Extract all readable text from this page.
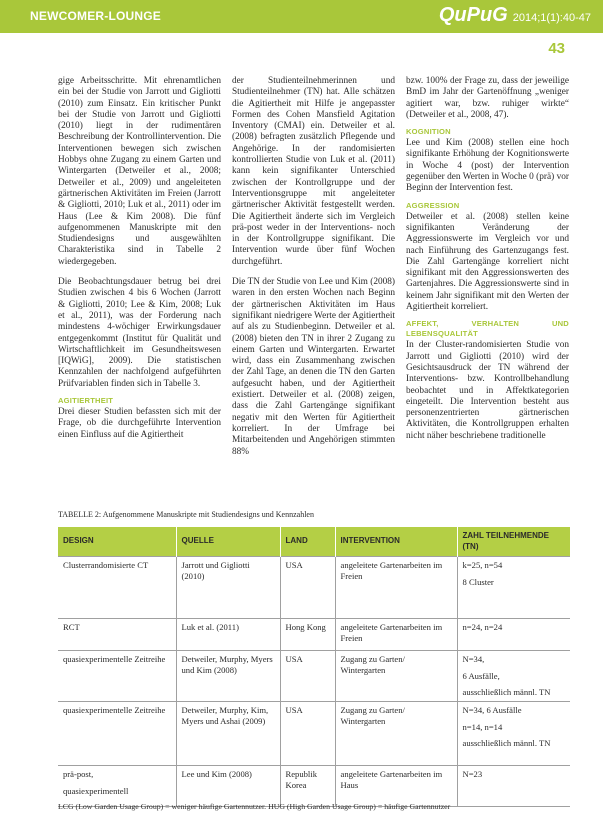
NEWCOMER-LOUNGE	QuPuG 2014;1(1):40-47
43

gige Arbeitsschritte. Mit ehrenamtlichen ein bei der Studie von Jarrott und Gigliotti (2010) zum Einsatz. Ein kritischer Punkt bei der Studie von Jarrott und Gigliotti (2010) liegt in der rudimentären Beschreibung der Kontrollintervention. Die Interventionen bewegen sich zwischen Hobbys ohne Zugang zu einem Garten und Wintergarten (Detweiler et al., 2008; Detweiler et al., 2009) und angeleiteten gärtnerischen Aktivitäten im Freien (Jarrott & Gigliotti, 2010; Luk et al., 2011) oder im Haus (Lee & Kim 2008). Die fünf aufgenommenen Manuskripte mit den Studiendesigns und ausgewählten Charakteristika sind in Tabelle 2 wiedergegeben.

Die Beobachtungsdauer betrug bei drei Studien zwischen 4 bis 6 Wochen (Jarrott & Gigliotti, 2010; Lee & Kim, 2008; Luk et al., 2011), was der Forderung nach mindestens 4-wöchiger Erwirkungsdauer entgegenkommt (Institut für Qualität und Wirtschaftlichkeit im Gesundheitswesen [IQWiG], 2009). Die statistischen Kennzahlen der nachfolgend aufgeführten Prüfvariablen finden sich in Tabelle 3.

AGITIERTHEIT

Drei dieser Studien befassten sich mit der Frage, ob die durchgeführte Intervention einen Einfluss auf die Agitiertheit

der Studienteilnehmerinnen und Studienteilnehmer (TN) hat. Alle schätzen die Agitiertheit mit Hilfe je angepasster Formen des Cohen Mansfield Agitation Inventory (CMAI) ein. Detweiler et al. (2008) befragten zusätzlich Pflegende und Angehörige. In der randomisierten kontrollierten Studie von Luk et al. (2011) kann kein signifikanter Unterschied zwischen der Kontrollgruppe und der Interventionsgruppe mit angeleiteter gärtnerischer Aktivität festgestellt werden. Die Agitiertheit änderte sich im Vergleich prä-post weder in der Interventions- noch in der Kontrollgruppe signifikant. Die Intervention wurde über fünf Wochen durchgeführt.

Die TN der Studie von Lee und Kim (2008) waren in den ersten Wochen nach Beginn der gärtnerischen Aktivitäten im Haus signifikant niedrigere Werte der Agitiertheit auf als zu Studienbeginn. Detweiler et al. (2008) bieten den TN in ihrer 2 Zugang zu einem Garten und Wintergarten. Erwartet wird, dass ein Zusammenhang zwischen der Zahl Tage, an denen die TN den Garten aufgesucht haben, und der Agitiertheit existiert. Detweiler et al. (2008) zeigen, dass die Zahl Gartengänge signifikant negativ mit den Werten für Agitiertheit korreliert. In der Umfrage bei Mitarbeitenden und Angehörigen stimmten 88%

bzw. 100% der Frage zu, dass der jeweilige BmD im Jahr der Gartenöffnung „weniger agitiert war, bzw. ruhiger wirkte“ (Detweiler et al., 2008, 47).

KOGNITION

Lee und Kim (2008) stellen eine hoch signifikante Erhöhung der Kognitionswerte in Woche 4 (post) der Intervention gegenüber den Werten in Woche 0 (prä) vor Beginn der Intervention fest.

AGGRESSION

Detweiler et al. (2008) stellen keine signifikanten Veränderung der Aggressionswerte im Vergleich vor und nach Einführung des Gartenzugangs fest. Die Zahl Gartengänge korreliert nicht signifikant mit den Aggressionswerten des Gartenjahres. Die Aggressionswerte sind in keinem Jahr signifikant mit den Werten der Agitiertheit korreliert.

AFFEKT, VERHALTEN UND LEBENSQUALITÄT

In der Cluster-randomisierten Studie von Jarrott und Gigliotti (2010) wird der Gesichtsausdruck der TN während der Interventions- bzw. Kontrollbehandlung beobachtet und in Affektkategorien eingeteilt. Die Intervention besteht aus personenzentrierten gärtnerischen Aktivitäten, die Kontrollgruppen erhalten nicht näher beschriebene traditionelle

TABELLE 2: Aufgenommene Manuskripte mit Studiendesigns und Kennzahlen
DESIGN	QUELLE	LAND	INTERVENTION	ZAHL TEILNEHMENDE (TN)

Clusterrandomisierte CT	Jarrott und Gigliotti (2010)	USA	angeleitete Gartenarbeiten im Freien	k=25, n=54
8 Cluster

RCT	Luk et al. (2011)	Hong Kong	angeleitete Gartenarbeiten im Freien	n=24, n=24

quasiexperimentelle Zeitreihe	Detweiler, Murphy, Myers und Kim (2008)	USA	Zugang zu Garten/ Wintergarten	N=34,
6 Ausfälle,
ausschließlich männl. TN

quasiexperimentelle Zeitreihe	Detweiler, Murphy, Kim, Myers und Ashai (2009)	USA	Zugang zu Garten/ Wintergarten	N=34, 6 Ausfälle
n=14, n=14
ausschließlich männl. TN

prä-post,
quasiexperimentell	Lee und Kim (2008)	Republik Korea	angeleitete Gartenarbeiten im Haus	N=23
LCG (Low Garden Usage Group) = weniger häufige Gartennutzer. HUG (High Garden Usage Group) = häufige Gartennutzer
